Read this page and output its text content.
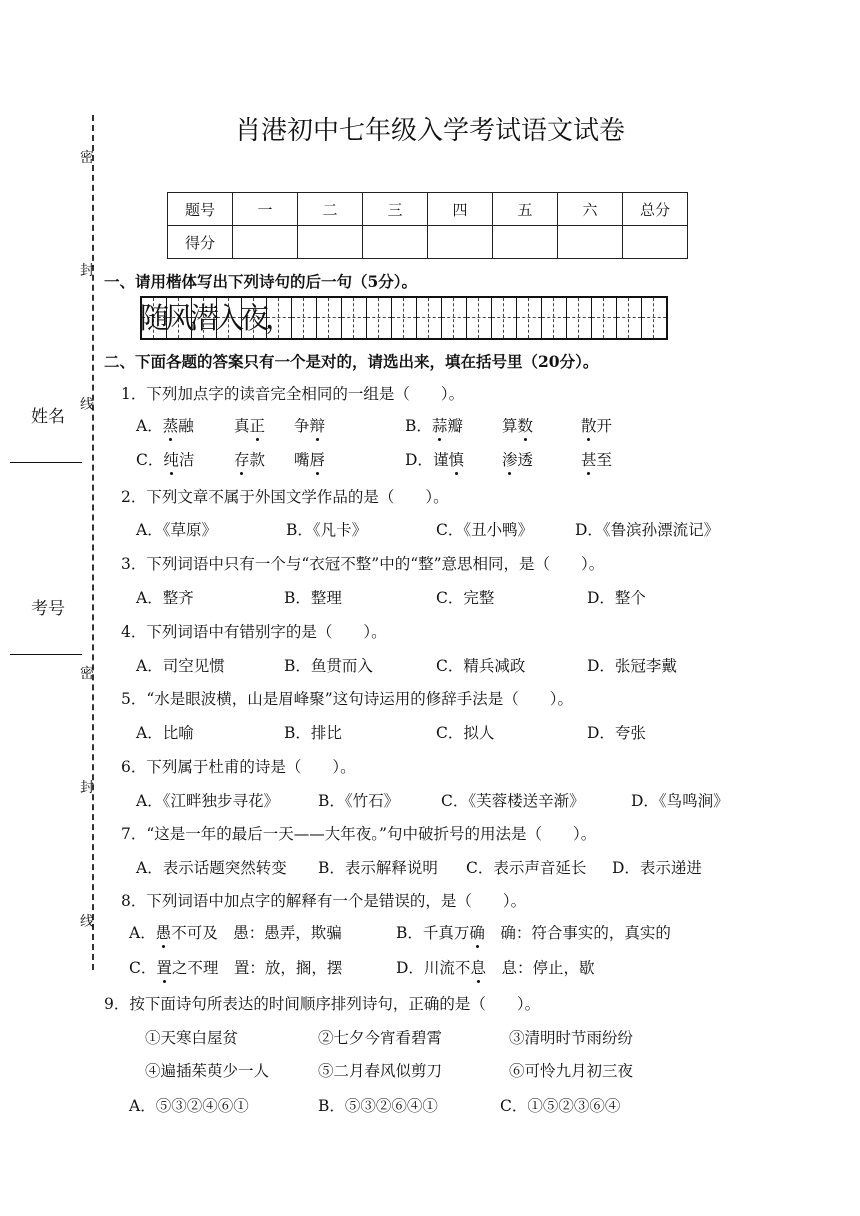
肖港初中七年级入学考试语文试卷
密
封
线
密
封
线
姓名
考号
题号	一	二	三	四	五	六	总分
得分							
一、请用楷体写出下列诗句的后一句（5分）。
随
风
潜
入
夜
，
二、下面各题的答案只有一个是对的，请选出来，填在括号里（20分）。
1．下列加点字的读音完全相同的一组是（　　）。
A．蒸融	真正 争辩	B．蒜瓣	算数	散开
C．纯洁	存款 嘴唇	D．谨慎 渗透	甚至
2．下列文章不属于外国文学作品的是（　　）。
A．《草原》	B．《凡卡》	C．《丑小鸭》	D．《鲁滨孙漂流记》
3．下列词语中只有一个与“衣冠不整”中的“整”意思相同，是（　　）。
A．整齐	B．整理	C．完整	D．整个
4．下列词语中有错别字的是（　　）。
A．司空见惯	B．鱼贯而入	C．精兵减政	D．张冠李戴
5．“水是眼波横，山是眉峰聚”这句诗运用的修辞手法是（　　）。
A．比喻	B．排比	C．拟人	D．夸张
6．下列属于杜甫的诗是（　　）。
A．《江畔独步寻花》	B．《竹石》	C．《芙蓉楼送辛渐》	D．《鸟鸣涧》
7．“这是一年的最后一天——大年夜。”句中破折号的用法是（　　）。
A．表示话题突然转变 B．表示解释说明 C．表示声音延长 D．表示递进
8．下列词语中加点字的解释有一个是错误的，是（　　）。
A．愚不可及　愚：愚弄，欺骗	B．千真万确　确：符合事实的，真实的
C．置之不理　置：放，搁，摆	D．川流不息　息：停止，歇
9．按下面诗句所表达的时间顺序排列诗句，正确的是（　　）。
①天寒白屋贫	②七夕今宵看碧霄	③清明时节雨纷纷
④遍插茱萸少一人	⑤二月春风似剪刀	⑥可怜九月初三夜
A．⑤③②④⑥①	B．⑤③②⑥④①	C．①⑤②③⑥④
